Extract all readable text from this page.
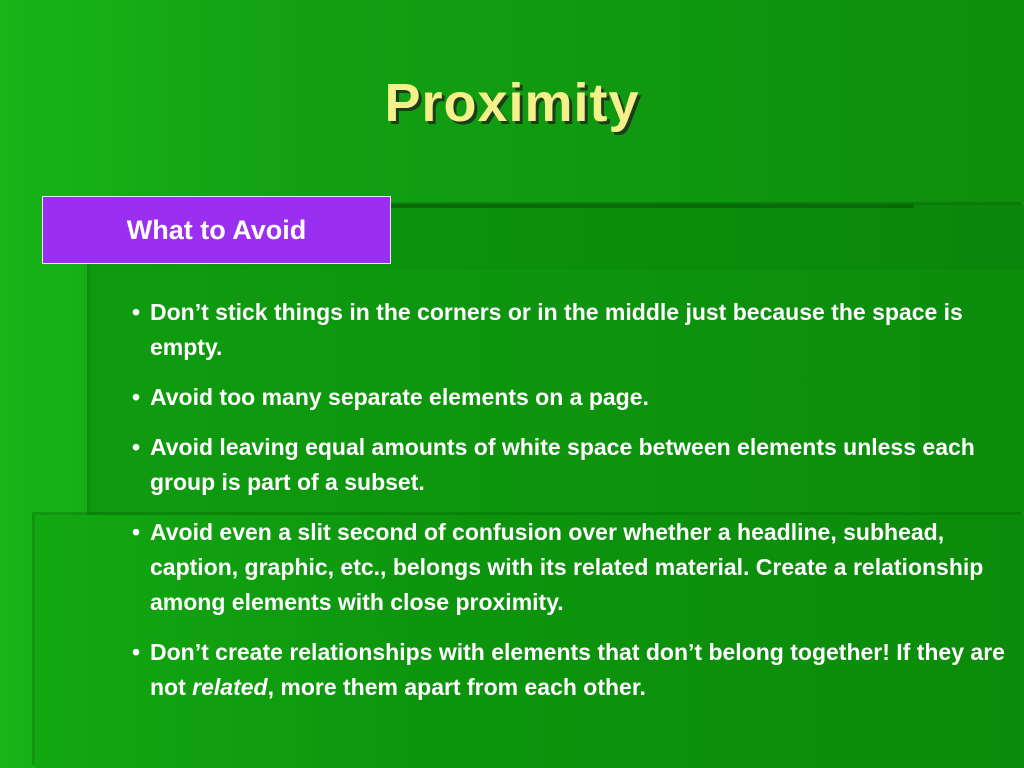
Proximity
What to Avoid
• Don’t stick things in the corners or in the middle just because the space is empty.
• Avoid too many separate elements on a page.
• Avoid leaving equal amounts of white space between elements unless each group is part of a subset.
• Avoid even a slit second of confusion over whether a headline, subhead, caption, graphic, etc., belongs with its related material. Create a relationship among elements with close proximity.
• Don’t create relationships with elements that don’t belong together! If they are not related, more them apart from each other.
